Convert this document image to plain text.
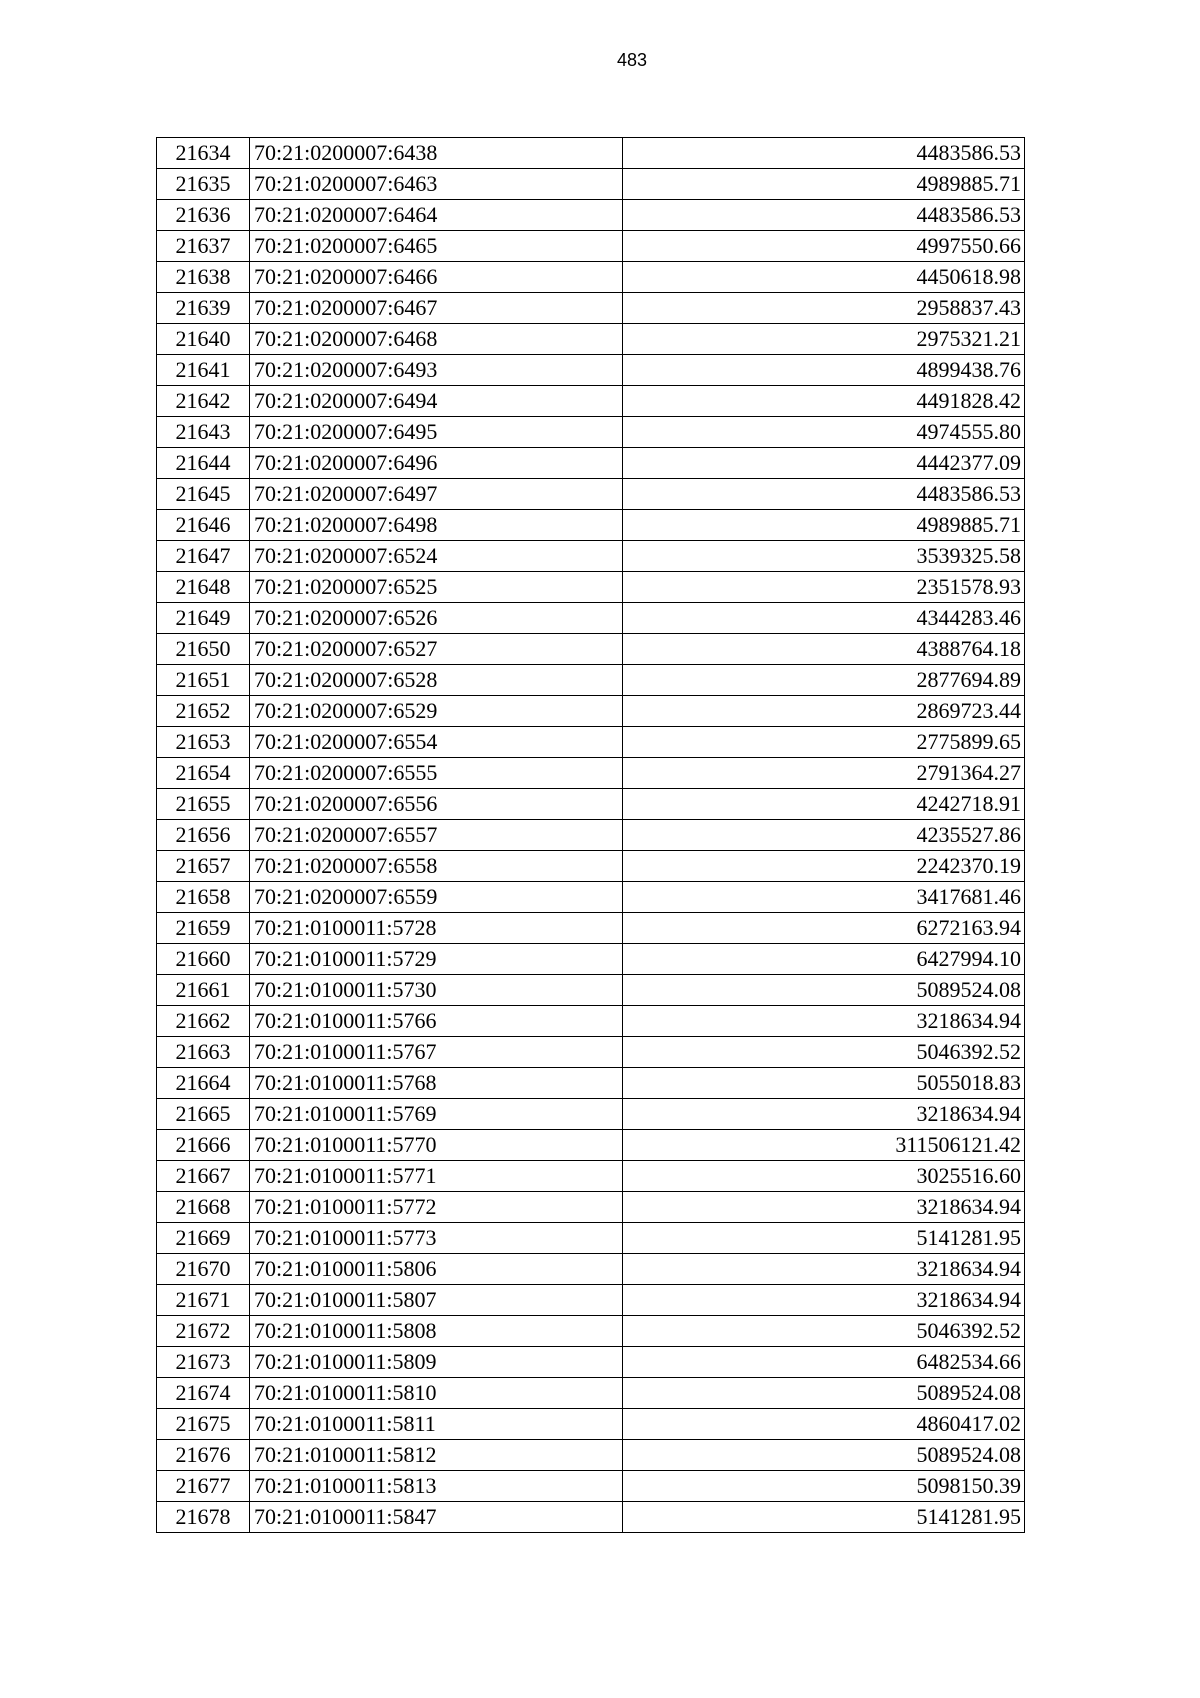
483
21634	70:21:0200007:6438	4483586.53
21635	70:21:0200007:6463	4989885.71
21636	70:21:0200007:6464	4483586.53
21637	70:21:0200007:6465	4997550.66
21638	70:21:0200007:6466	4450618.98
21639	70:21:0200007:6467	2958837.43
21640	70:21:0200007:6468	2975321.21
21641	70:21:0200007:6493	4899438.76
21642	70:21:0200007:6494	4491828.42
21643	70:21:0200007:6495	4974555.80
21644	70:21:0200007:6496	4442377.09
21645	70:21:0200007:6497	4483586.53
21646	70:21:0200007:6498	4989885.71
21647	70:21:0200007:6524	3539325.58
21648	70:21:0200007:6525	2351578.93
21649	70:21:0200007:6526	4344283.46
21650	70:21:0200007:6527	4388764.18
21651	70:21:0200007:6528	2877694.89
21652	70:21:0200007:6529	2869723.44
21653	70:21:0200007:6554	2775899.65
21654	70:21:0200007:6555	2791364.27
21655	70:21:0200007:6556	4242718.91
21656	70:21:0200007:6557	4235527.86
21657	70:21:0200007:6558	2242370.19
21658	70:21:0200007:6559	3417681.46
21659	70:21:0100011:5728	6272163.94
21660	70:21:0100011:5729	6427994.10
21661	70:21:0100011:5730	5089524.08
21662	70:21:0100011:5766	3218634.94
21663	70:21:0100011:5767	5046392.52
21664	70:21:0100011:5768	5055018.83
21665	70:21:0100011:5769	3218634.94
21666	70:21:0100011:5770	311506121.42
21667	70:21:0100011:5771	3025516.60
21668	70:21:0100011:5772	3218634.94
21669	70:21:0100011:5773	5141281.95
21670	70:21:0100011:5806	3218634.94
21671	70:21:0100011:5807	3218634.94
21672	70:21:0100011:5808	5046392.52
21673	70:21:0100011:5809	6482534.66
21674	70:21:0100011:5810	5089524.08
21675	70:21:0100011:5811	4860417.02
21676	70:21:0100011:5812	5089524.08
21677	70:21:0100011:5813	5098150.39
21678	70:21:0100011:5847	5141281.95
